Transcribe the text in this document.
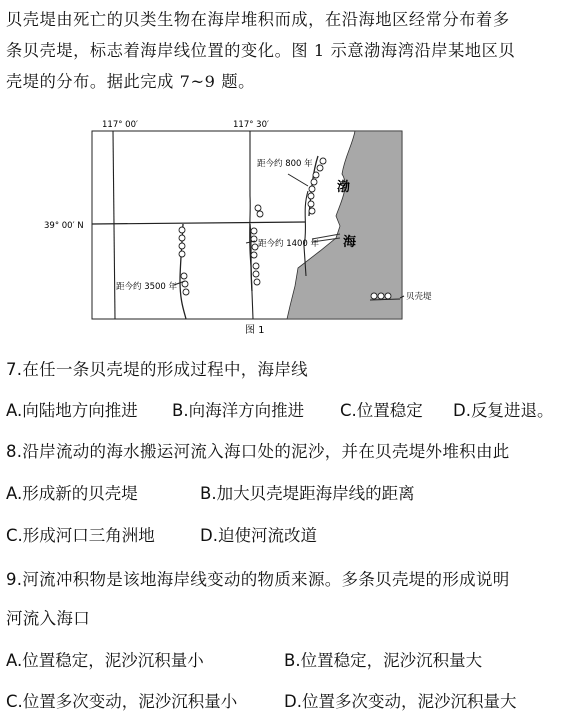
贝壳堤由死亡的贝类生物在海岸堆积而成，在沿海地区经常分布着多
条贝壳堤，标志着海岸线位置的变化。图 1 示意渤海湾沿岸某地区贝
壳堤的分布。据此完成 7~9 题。
117° 00′	117° 30′
39° 00′ N
距今约 800 年
距今约 1400 年
距今约 3500 年
渤
海
贝壳堤
图 1
7.在任一条贝壳堤的形成过程中，海岸线
A.向陆地方向推进 B.向海洋方向推进 C.位置稳定 D.反复进退。
8.沿岸流动的海水搬运河流入海口处的泥沙，并在贝壳堤外堆积由此
A.形成新的贝壳堤	B.加大贝壳堤距海岸线的距离
C.形成河口三角洲地	D.迫使河流改道
9.河流冲积物是该地海岸线变动的物质来源。多条贝壳堤的形成说明
河流入海口
A.位置稳定，泥沙沉积量小	B.位置稳定，泥沙沉积量大
C.位置多次变动，泥沙沉积量小	D.位置多次变动，泥沙沉积量大
